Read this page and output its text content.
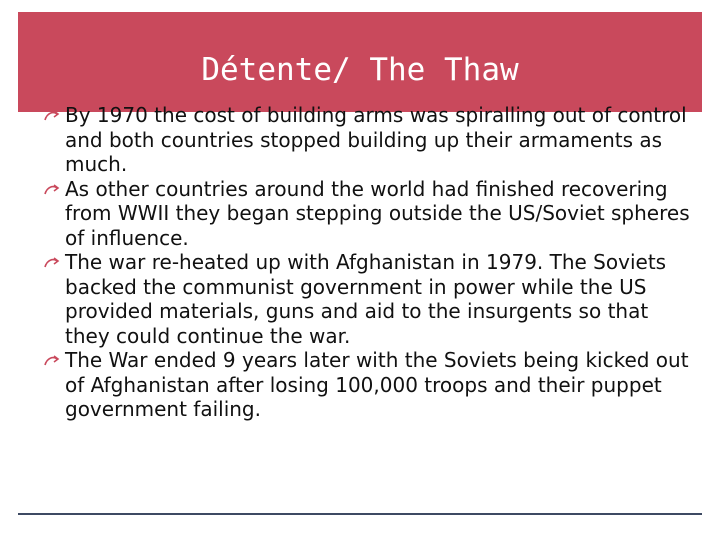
Détente/ The Thaw
By 1970 the cost of building arms was spiralling out of control and both countries stopped building up their armaments as much.
As other countries around the world had finished recovering from WWII they began stepping outside the US/Soviet spheres of influence.
The war re-heated up with Afghanistan in 1979. The Soviets backed the communist government in power while the US provided materials, guns and aid to the insurgents so that they could continue the war.
The War ended 9 years later with the Soviets being kicked out of Afghanistan after losing 100,000 troops and their puppet government failing.
